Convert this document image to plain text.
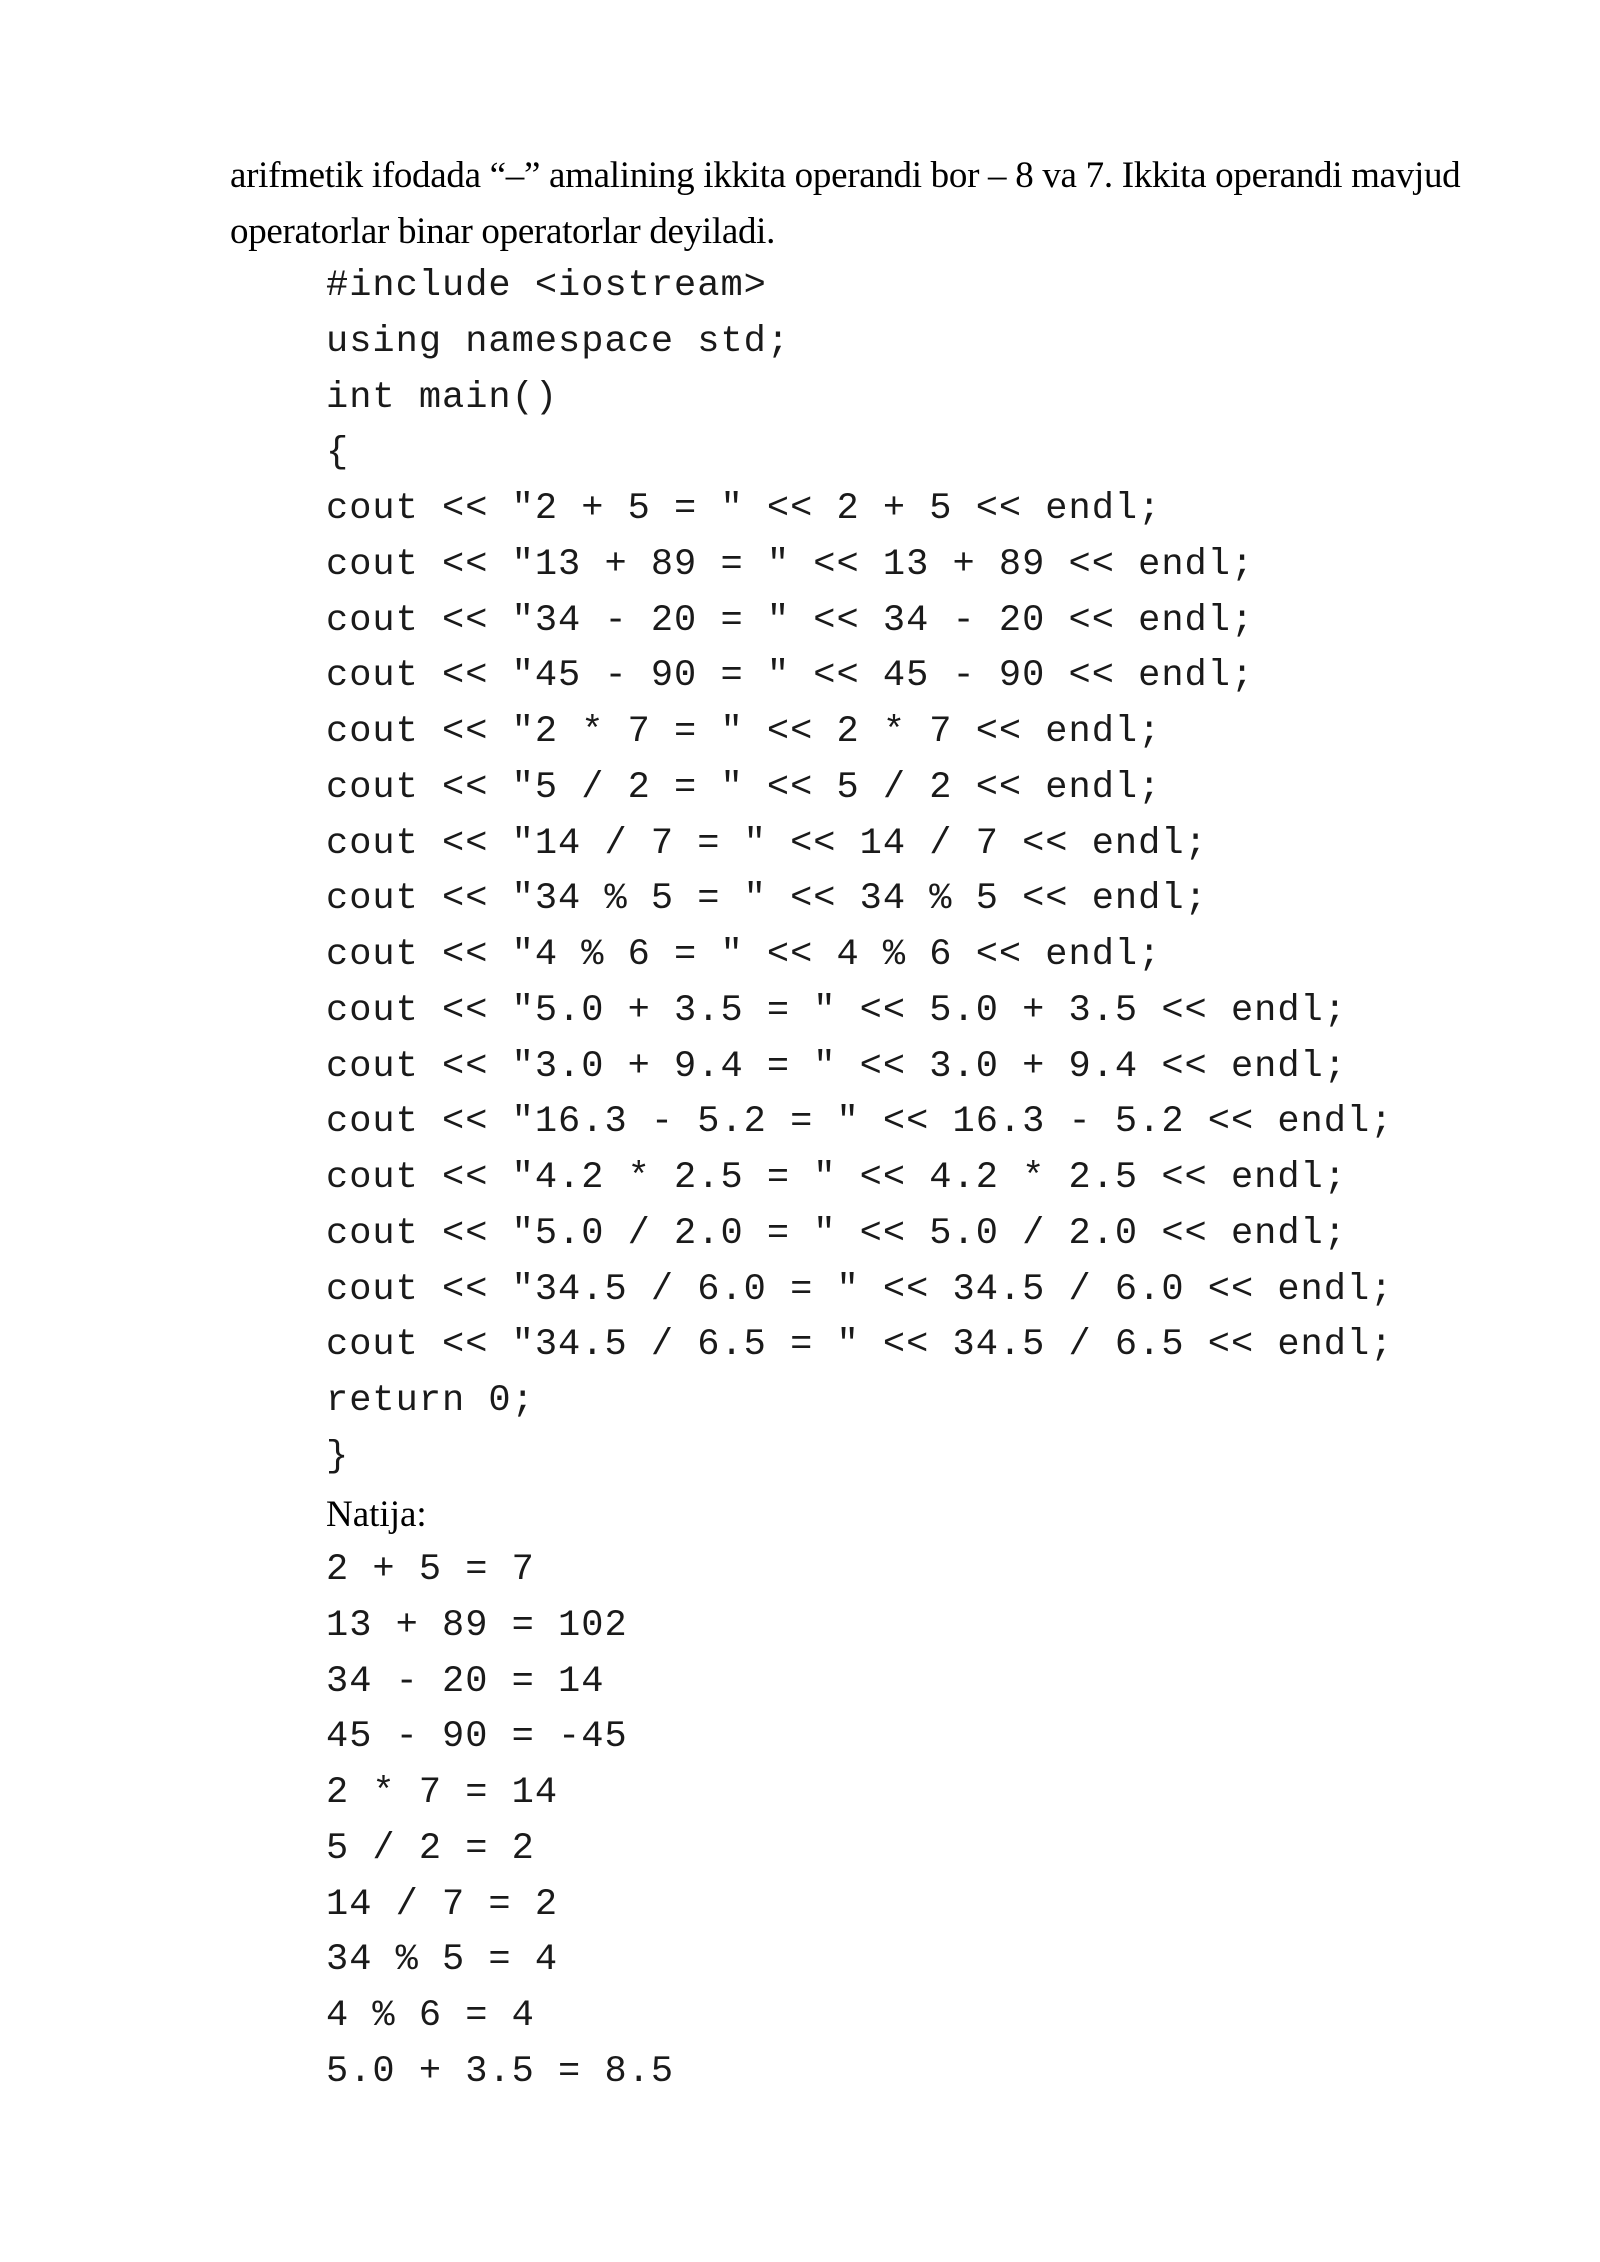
arifmetik ifodada “–” amalining ikkita operandi bor – 8 va 7. Ikkita operandi mavjud

operatorlar binar operatorlar deyiladi.

#include <iostream>
using namespace std;
int main()
{
cout << "2 + 5 = " << 2 + 5 << endl;
cout << "13 + 89 = " << 13 + 89 << endl;
cout << "34 - 20 = " << 34 - 20 << endl;
cout << "45 - 90 = " << 45 - 90 << endl;
cout << "2 * 7 = " << 2 * 7 << endl;
cout << "5 / 2 = " << 5 / 2 << endl;
cout << "14 / 7 = " << 14 / 7 << endl;
cout << "34 % 5 = " << 34 % 5 << endl;
cout << "4 % 6 = " << 4 % 6 << endl;
cout << "5.0 + 3.5 = " << 5.0 + 3.5 << endl;
cout << "3.0 + 9.4 = " << 3.0 + 9.4 << endl;
cout << "16.3 - 5.2 = " << 16.3 - 5.2 << endl;
cout << "4.2 * 2.5 = " << 4.2 * 2.5 << endl;
cout << "5.0 / 2.0 = " << 5.0 / 2.0 << endl;
cout << "34.5 / 6.0 = " << 34.5 / 6.0 << endl;
cout << "34.5 / 6.5 = " << 34.5 / 6.5 << endl;
return 0;
}
Natija:
2 + 5 = 7
13 + 89 = 102
34 - 20 = 14
45 - 90 = -45
2 * 7 = 14
5 / 2 = 2
14 / 7 = 2
34 % 5 = 4
4 % 6 = 4
5.0 + 3.5 = 8.5
